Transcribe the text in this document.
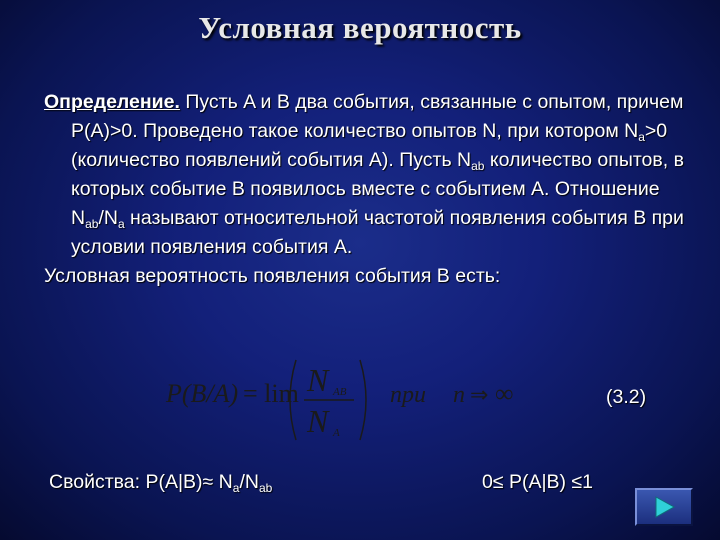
Условная вероятность

Определение. Пусть A и B два события, связанные с опытом, причем P(A)>0. Проведено такое количество опытов N, при котором $N_a>0$ (количество появлений события A). Пусть $N_{ab}$ количество опытов, в которых событие B появилось вместе с событием A. Отношение $N_{ab}/N_a$ называют относительной частотой появления события B при условии появления события A.

Условная вероятность появления события B есть:

P(B/A) = lim N AB
N A
при n ⇒ ∞	(3.2)
Свойства: $P(A|B)\approx N_a/N_{ab}$	0≤ P(A|B) ≤1
